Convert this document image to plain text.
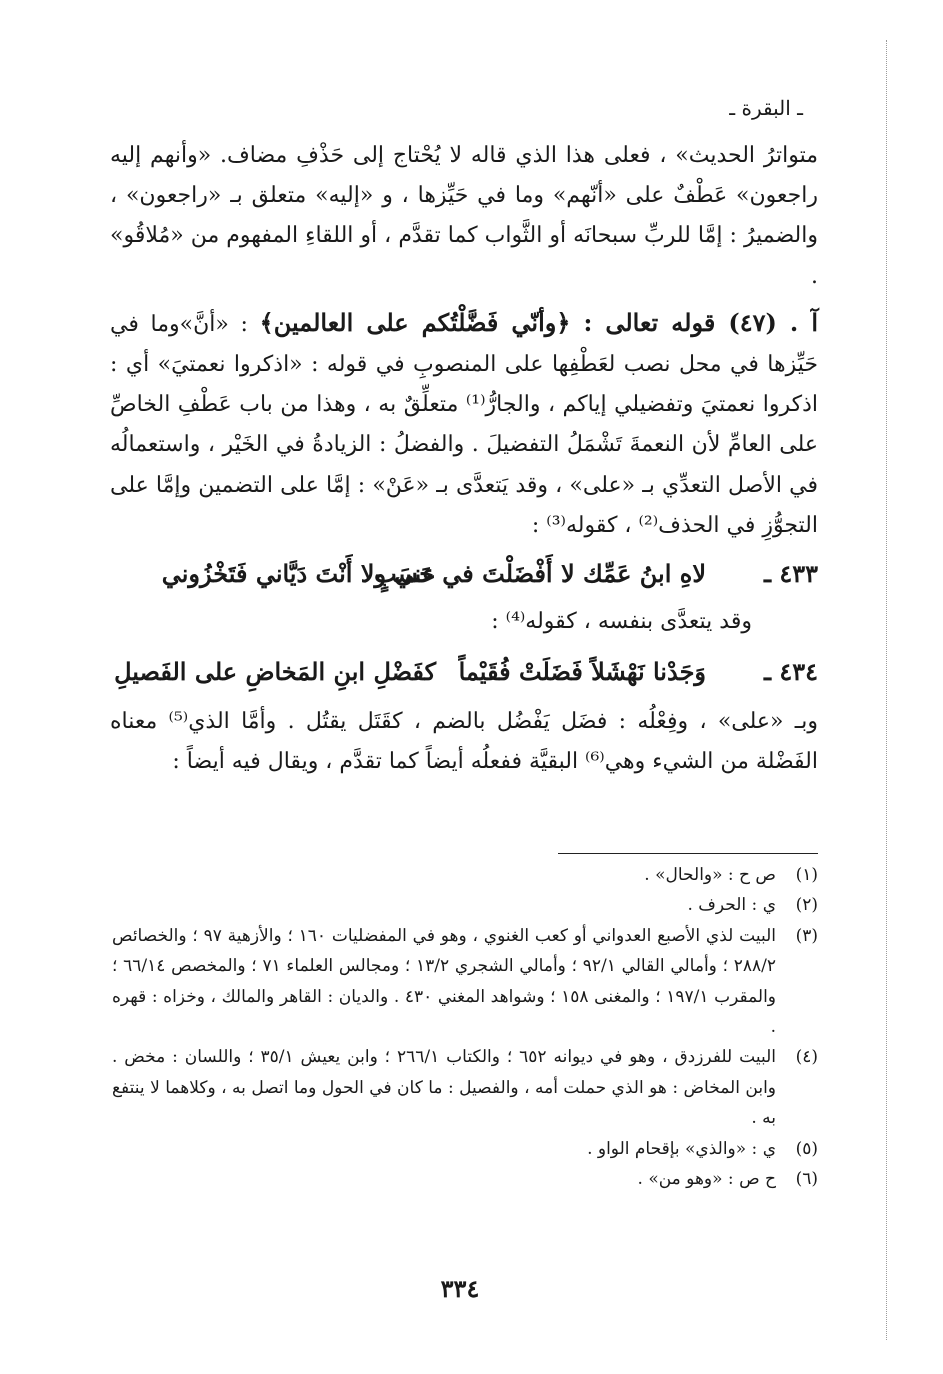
ـ البقرة ـ

متواترُ الحديث» ، فعلى هذا الذي قاله لا يُحْتاج إلى حَذْفِ مضاف. «وأنهم إليه راجعون» عَطْفٌ على «أنّهم» وما في حَيِّزها ، و «إليه» متعلق بـ «راجعون» ، والضميرُ : إمَّا للربِّ سبحانَه أو الثَّواب كما تقدَّم ، أو اللقاءِ المفهوم من «مُلاقُو» .

آ . (٤٧) قوله تعالى : ﴿وأنّي فَضَّلْتُكم على العالمين﴾ : «أنَّ»وما في حَيِّزها في محل نصب لعَطْفِها على المنصوبِ في قوله : «اذكروا نعمتيَ» أي : اذكروا نعمتيَ وتفضيلي إياكم ، والجارُّ⁽¹⁾ متعلِّقٌ به ، وهذا من باب عَطْفِ الخاصِّ على العامِّ لأن النعمةَ تَشْمَلُ التفضيلَ . والفضلُ : الزيادةُ في الخَيْر ، واستعمالُه في الأصل التعدِّي بـ «على» ، وقد يَتعدَّى بـ «عَنْ» : إمَّا على التضمين وإمَّا على التجوُّزِ في الحذف⁽²⁾ ، كقوله⁽³⁾ :

٤٣٣ ـ
لاهِ ابنُ عَمِّك لا أَفْضَلْتَ في حَسَبٍ
عني ولا أَنْتَ دَيَّاني فَتَخْزُوني

وقد يتعدَّى بنفسه ، كقوله⁽⁴⁾ :

٤٣٤ ـ
وَجَدْنا نَهْشَلاً فَضَلَتْ فُقَيْماً
كفَضْلِ ابنِ المَخاضِ على الفَصيلِ

وبـ «على» ، وفِعْلُه : فضَل يَفْضُل بالضم ، كقَتَل يقتُل . وأمَّا الذي⁽⁵⁾ معناه الفَضْلة من الشيء وهي⁽⁶⁾ البقيَّة ففعلُه أيضاً كما تقدَّم ، ويقال فيه أيضاً :

(١)
ص ح : «والحال» .
(٢)
ي : الحرف .
(٣)
البيت لذي الأصبع العدواني أو كعب الغنوي ، وهو في المفضليات ١٦٠ ؛ والأزهية ٩٧ ؛ والخصائص ٢٨٨/٢ ؛ وأمالي القالي ٩٢/١ ؛ وأمالي الشجري ١٣/٢ ؛ ومجالس العلماء ٧١ ؛ والمخصص ٦٦/١٤ ؛ والمقرب ١٩٧/١ ؛ والمغنى ١٥٨ ؛ وشواهد المغني ٤٣٠ . والديان : القاهر والمالك ، وخزاه : قهره .
(٤)
البيت للفرزدق ، وهو في ديوانه ٦٥٢ ؛ والكتاب ٢٦٦/١ ؛ وابن يعيش ٣٥/١ ؛ واللسان : مخض . وابن المخاض : هو الذي حملت أمه ، والفصيل : ما كان في الحول وما اتصل به ، وكلاهما لا ينتفع به .
(٥)
ي : «والذي» بإقحام الواو .
(٦)
ح ص : «وهو من» .
٣٣٤
